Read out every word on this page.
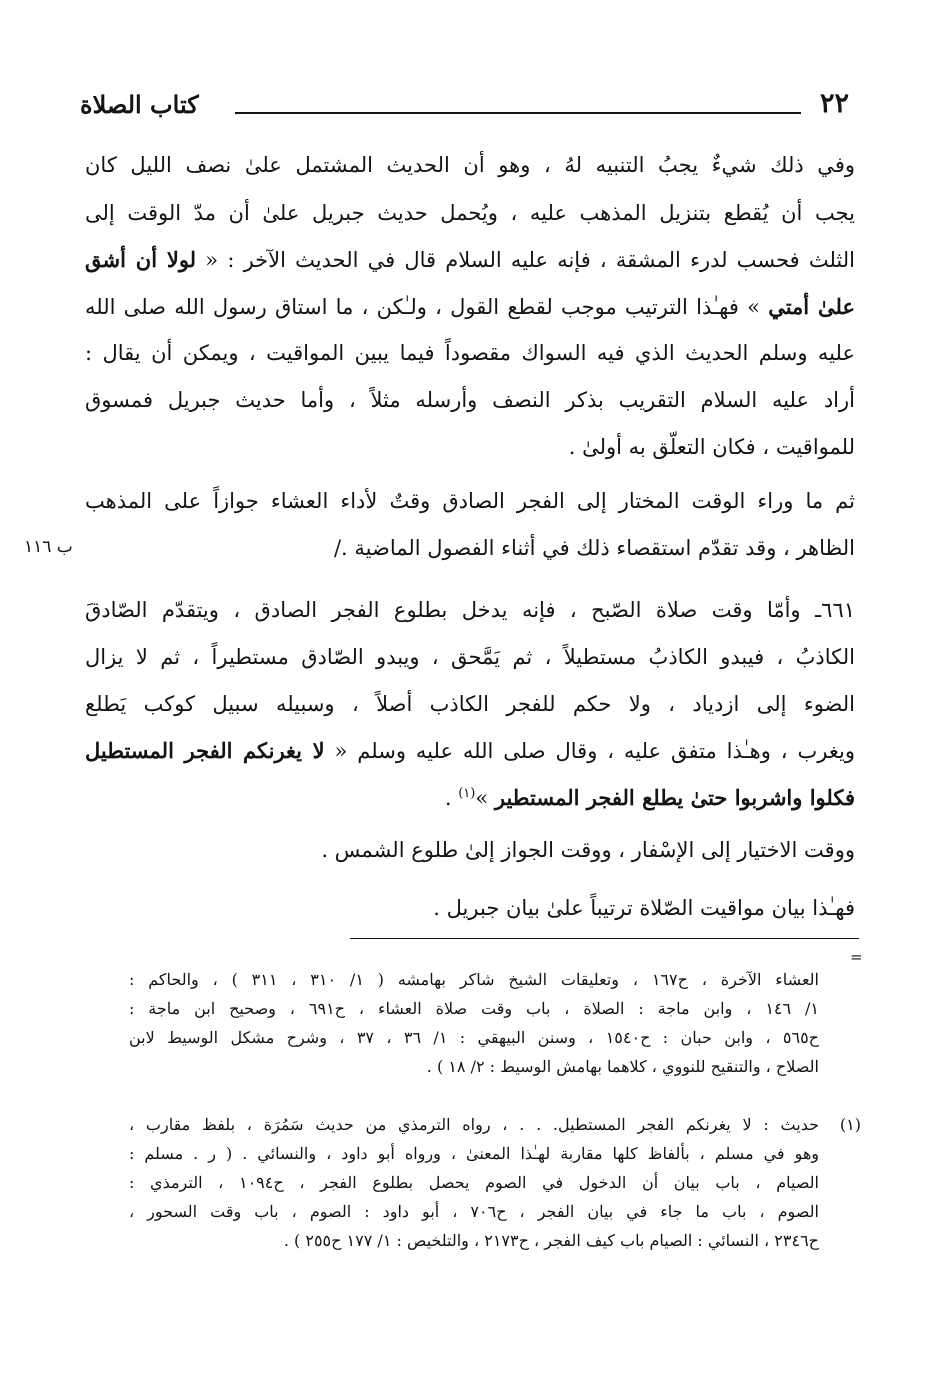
٢٢
كتاب الصلاة
وفي ذلك شيءٌ يجبُ التنبيه لهُ ، وهو أن الحديث المشتمل علىٰ نصف الليل كان
يجب أن يُقطع بتنزيل المذهب عليه ، ويُحمل حديث جبريل علىٰ أن مدّ الوقت إلى
الثلث فحسب لدرء المشقة ، فإنه عليه السلام قال في الحديث الآخر : « لولا أن أشق
علىٰ أمتي » فهـٰذا الترتيب موجب لقطع القول ، ولـٰكن ، ما استاق رسول الله صلى الله
عليه وسلم الحديث الذي فيه السواك مقصوداً فيما يبين المواقيت ، ويمكن أن يقال :
أراد عليه السلام التقريب بذكر النصف وأرسله مثلاً ، وأما حديث جبريل فمسوق
للمواقيت ، فكان التعلّق به أولىٰ .
ثم ما وراء الوقت المختار إلى الفجر الصادق وقتٌ لأداء العشاء جوازاً على المذهب
الظاهر ، وقد تقدّم استقصاء ذلك في أثناء الفصول الماضية ./
ب ١١٦
٦٦١ـ وأمّا وقت صلاة الصّبح ، فإنه يدخل بطلوع الفجر الصادق ، ويتقدّم الصّادقَ
الكاذبُ ، فيبدو الكاذبُ مستطيلاً ، ثم يَمَّحق ، ويبدو الصّادق مستطيراً ، ثم لا يزال
الضوء إلى ازدياد ، ولا حكم للفجر الكاذب أصلاً ، وسبيله سبيل كوكب يَطلع
ويغرب ، وهـٰذا متفق عليه ، وقال صلى الله عليه وسلم « لا يغرنكم الفجر المستطيل
فكلوا واشربوا حتىٰ يطلع الفجر المستطير »$^{(١)}$ .
ووقت الاختيار إلى الإسْفار ، ووقت الجواز إلىٰ طلوع الشمس .
فهـٰذا بيان مواقيت الصّلاة ترتيباً علىٰ بيان جبريل .
=
العشاء الآخرة ، ح١٦٧ ، وتعليقات الشيخ شاكر بهامشه ( ١/ ٣١٠ ، ٣١١ ) ، والحاكم :
١/ ١٤٦ ، وابن ماجة : الصلاة ، باب وقت صلاة العشاء ، ح٦٩١ ، وصحيح ابن ماجة :
ح٥٦٥ ، وابن حبان : ح١٥٤٠ ، وسنن البيهقي : ١/ ٣٦ ، ٣٧ ، وشرح مشكل الوسيط لابن
الصلاح ، والتنقيح للنووي ، كلاهما بهامش الوسيط : ٢/ ١٨ ) .
(١)
حديث : لا يغرنكم الفجر المستطيل. . . ، رواه الترمذي من حديث سَمُرَة ، بلفظ مقارب ،
وهو في مسلم ، بألفاظ كلها مقاربة لهـٰذا المعنىٰ ، ورواه أبو داود ، والنسائي . ( ر . مسلم :
الصيام ، باب بيان أن الدخول في الصوم يحصل بطلوع الفجر ، ح١٠٩٤ ، الترمذي :
الصوم ، باب ما جاء في بيان الفجر ، ح٧٠٦ ، أبو داود : الصوم ، باب وقت السحور ،
ح٢٣٤٦ ، النسائي : الصيام باب كيف الفجر ، ح٢١٧٣ ، والتلخيص : ١/ ١٧٧ ح٢٥٥ ) .
